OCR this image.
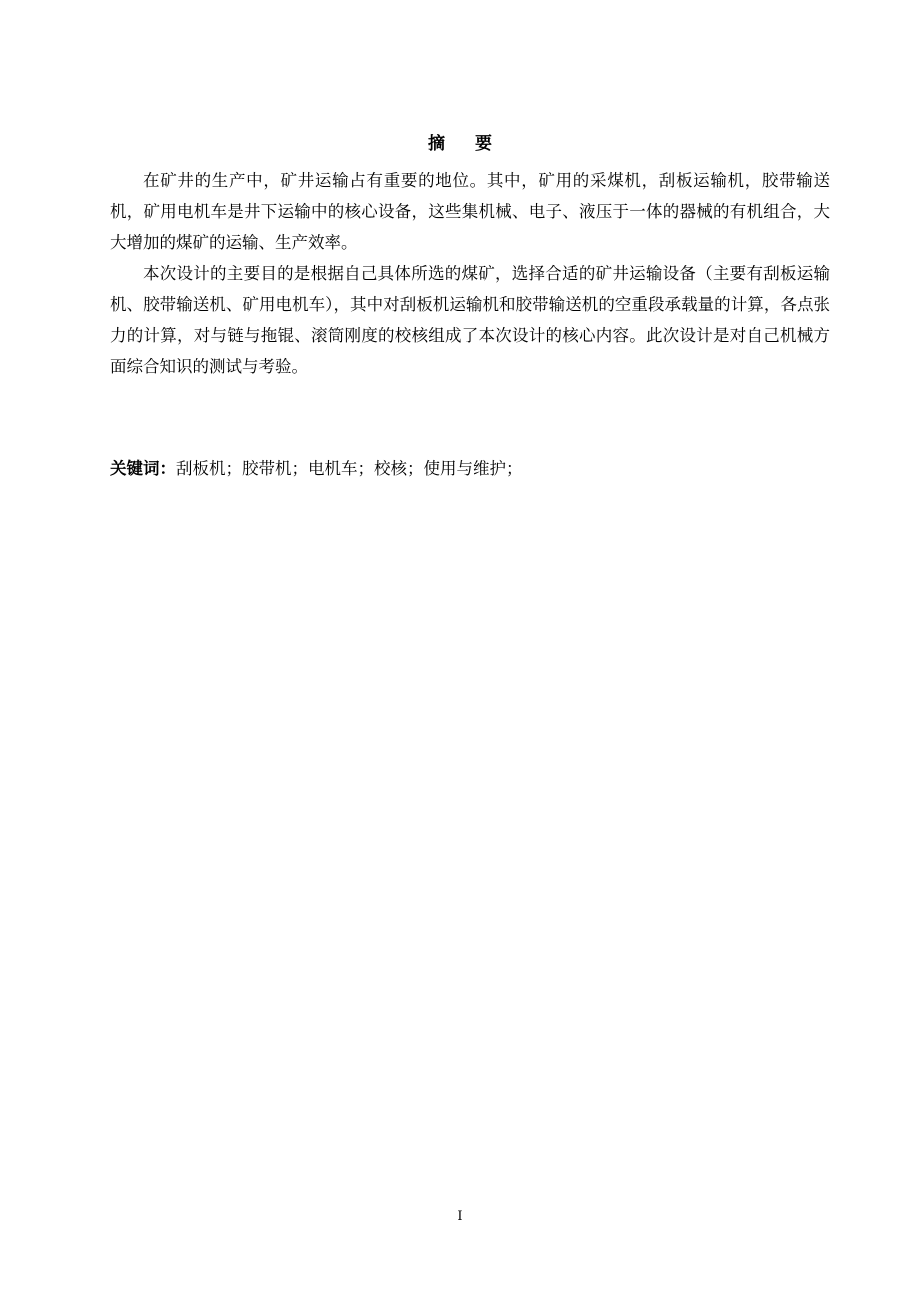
摘 要

在矿井的生产中，矿井运输占有重要的地位。其中，矿用的采煤机，刮板运输机，胶带输送机，矿用电机车是井下运输中的核心设备，这些集机械、电子、液压于一体的器械的有机组合，大大增加的煤矿的运输、生产效率。

本次设计的主要目的是根据自己具体所选的煤矿，选择合适的矿井运输设备（主要有刮板运输机、胶带输送机、矿用电机车），其中对刮板机运输机和胶带输送机的空重段承载量的计算，各点张力的计算，对与链与拖锟、滚筒刚度的校核组成了本次设计的核心内容。此次设计是对自己机械方面综合知识的测试与考验。

关键词：刮板机；胶带机；电机车；校核；使用与维护；
I
